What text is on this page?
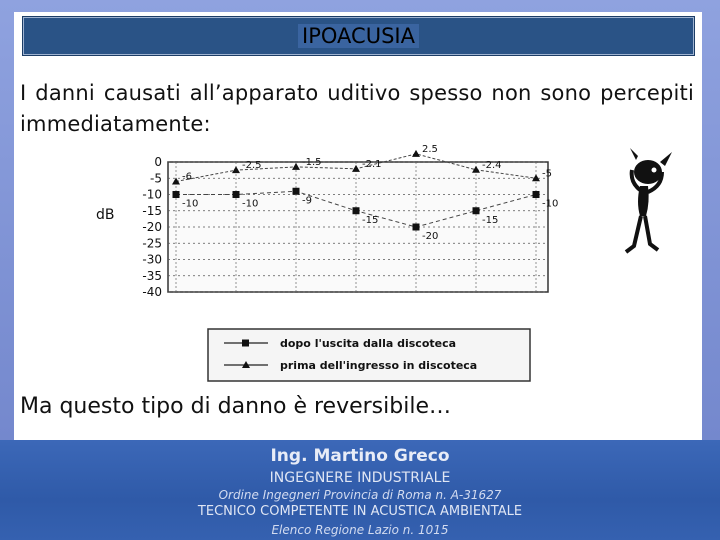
IPOACUSIA
I danni causati all’apparato uditivo spesso non sono percepiti immediatamente:
0
-5
-10
-15
-20
-25
-30
-35
-40
dB
-6
-2.5	-1.5	-2.1
2.5
-2.4
-5
-10	-10	-9
-15
-20
-15
-10
dopo l'uscita dalla discoteca
prima dell'ingresso in discoteca
Ma questo tipo di danno è reversibile…
Ing. Martino Greco
INGEGNERE INDUSTRIALE
Ordine Ingegneri Provincia di Roma n. A-31627
TECNICO COMPETENTE IN ACUSTICA AMBIENTALE
Elenco Regione Lazio n. 1015
